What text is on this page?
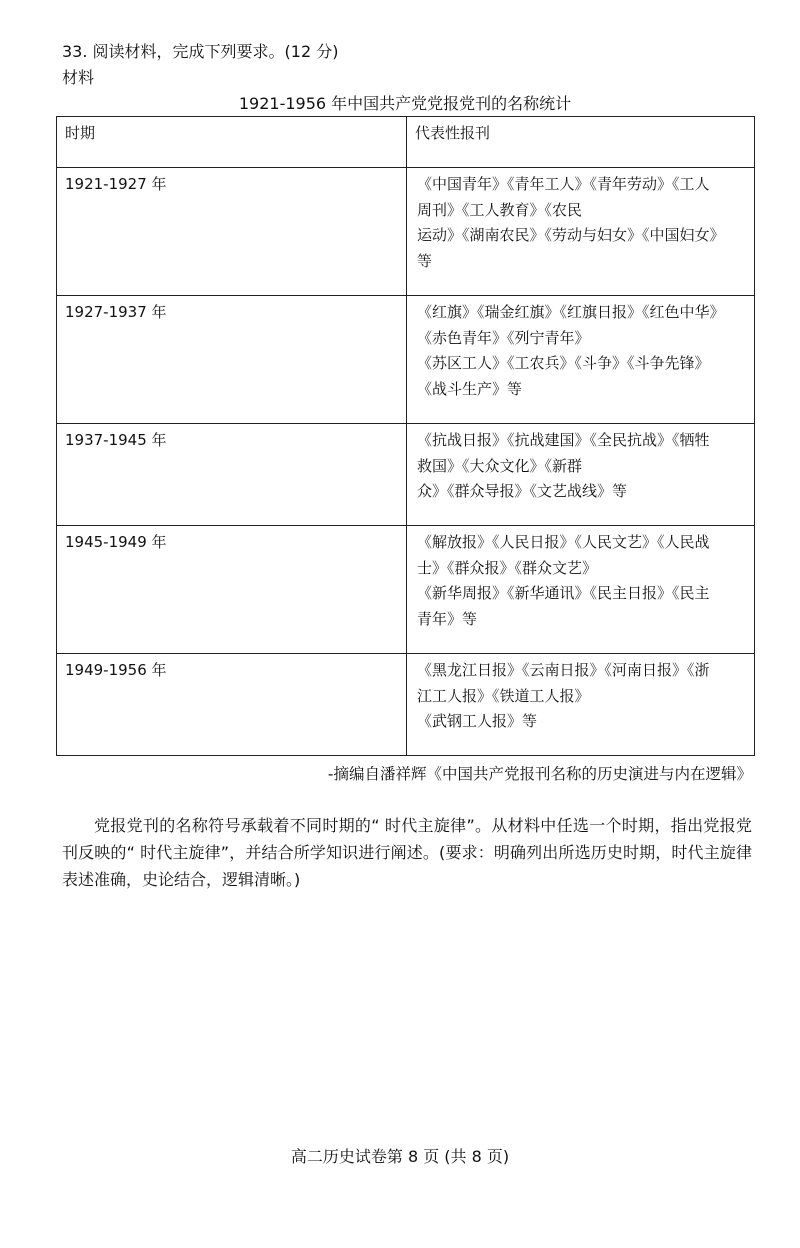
33. 阅读材料，完成下列要求。(12 分)
材料
1921-1956 年中国共产党党报党刊的名称统计
时期	代表性报刊
1921-1927 年	《中国青年》《青年工人》《青年劳动》《工人
周刊》《工人教育》《农民
运动》《湖南农民》《劳动与妇女》《中国妇女》
等

1927-1937 年	《红旗》《瑞金红旗》《红旗日报》《红色中华》
《赤色青年》《列宁青年》
《苏区工人》《工农兵》《斗争》《斗争先锋》
《战斗生产》等

1937-1945 年	《抗战日报》《抗战建国》《全民抗战》《牺牲
救国》《大众文化》《新群
众》《群众导报》《文艺战线》等

1945-1949 年	《解放报》《人民日报》《人民文艺》《人民战
士》《群众报》《群众文艺》
《新华周报》《新华通讯》《民主日报》《民主
青年》等

1949-1956 年	《黑龙江日报》《云南日报》《河南日报》《浙
江工人报》《铁道工人报》
《武钢工人报》等
-摘编自潘祥辉《中国共产党报刊名称的历史演进与内在逻辑》
党报党刊的名称符号承载着不同时期的“ 时代主旋律”。从材料中任选一个时期，指出党报党刊反映的“ 时代主旋律”，并结合所学知识进行阐述。(要求：明确列出所选历史时期，时代主旋律表述准确，史论结合，逻辑清晰。)
高二历史试卷第 8 页 (共 8 页)
